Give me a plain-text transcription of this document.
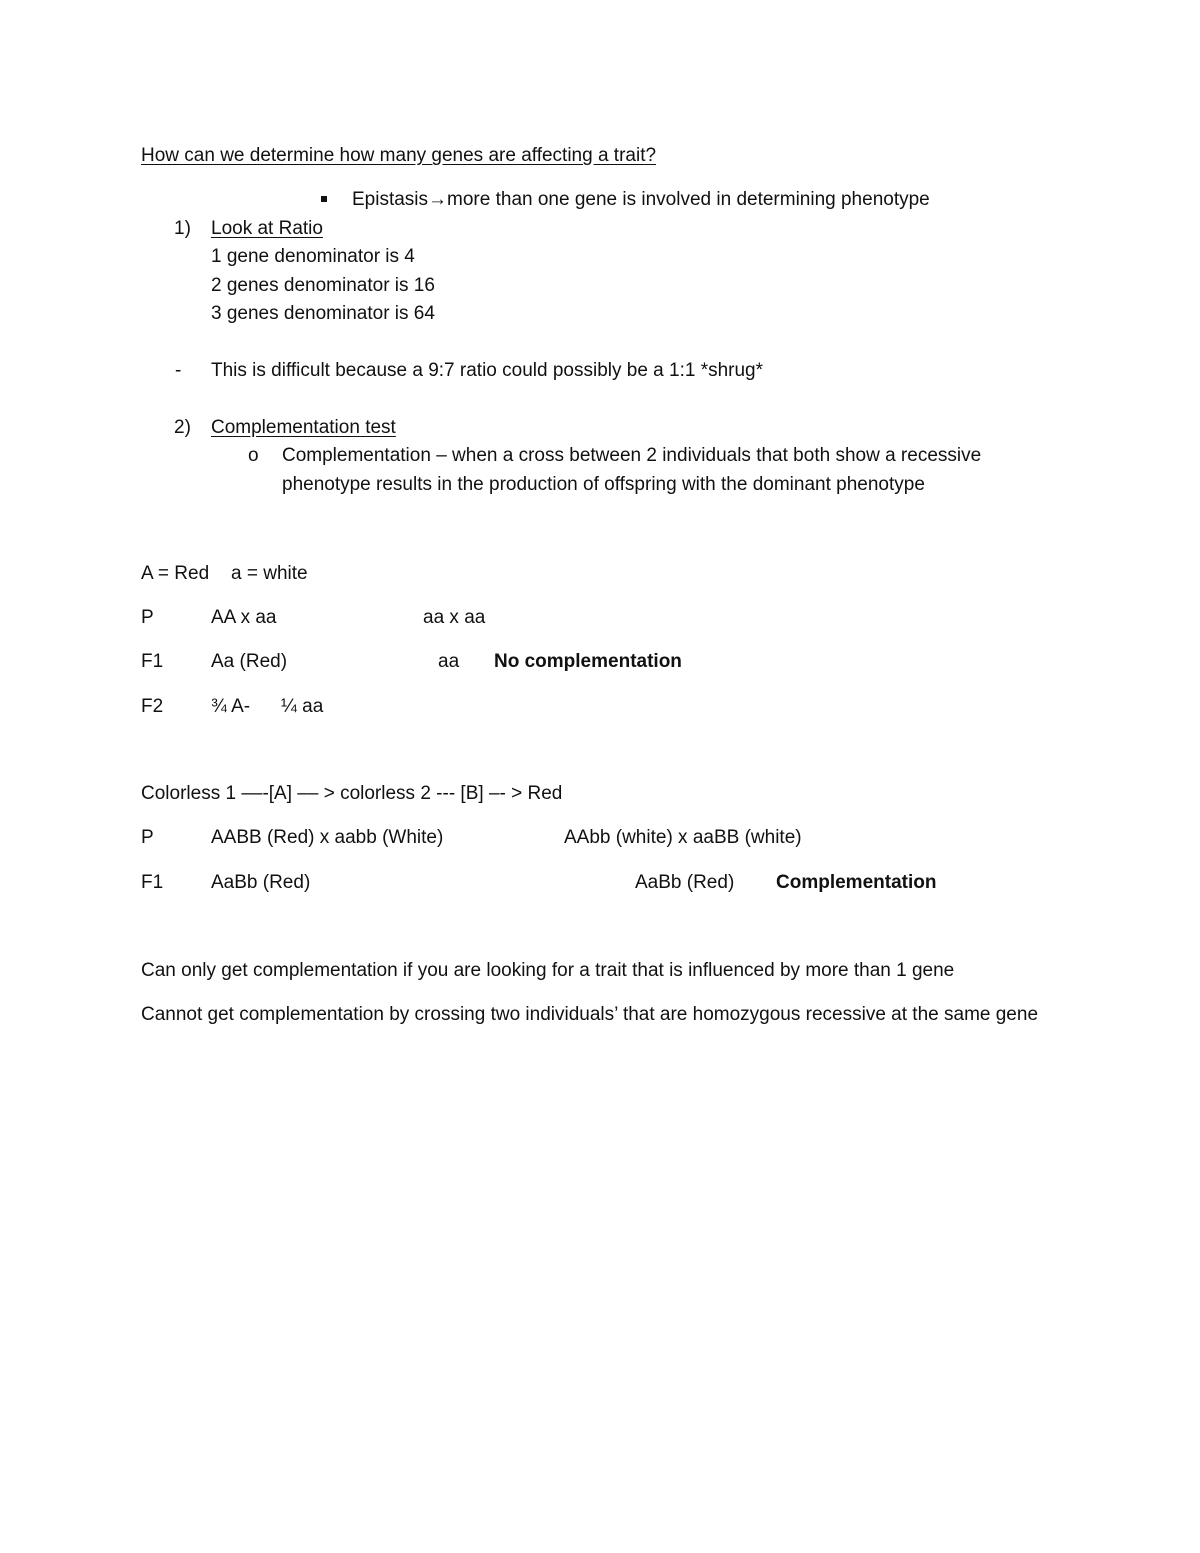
How can we determine how many genes are affecting a trait?
Epistasis→more than one gene is involved in determining phenotype
1) Look at Ratio
1 gene denominator is 4
2 genes denominator is 16
3 genes denominator is 64
- This is difficult because a 9:7 ratio could possibly be a 1:1 *shrug*
2) Complementation test
o Complementation – when a cross between 2 individuals that both show a recessive
phenotype results in the production of offspring with the dominant phenotype
A = Red a = white
P	AA x aa	aa x aa
F1	Aa (Red)	aa No complementation
F2	¾ A- ¼ aa
Colorless 1 ––-[A] –– > colorless 2 --- [B] –- > Red
P	AABB (Red) x aabb (White)	AAbb (white) x aaBB (white)
F1	AaBb (Red)	AaBb (Red) Complementation
Can only get complementation if you are looking for a trait that is influenced by more than 1 gene
Cannot get complementation by crossing two individuals’ that are homozygous recessive at the same gene
